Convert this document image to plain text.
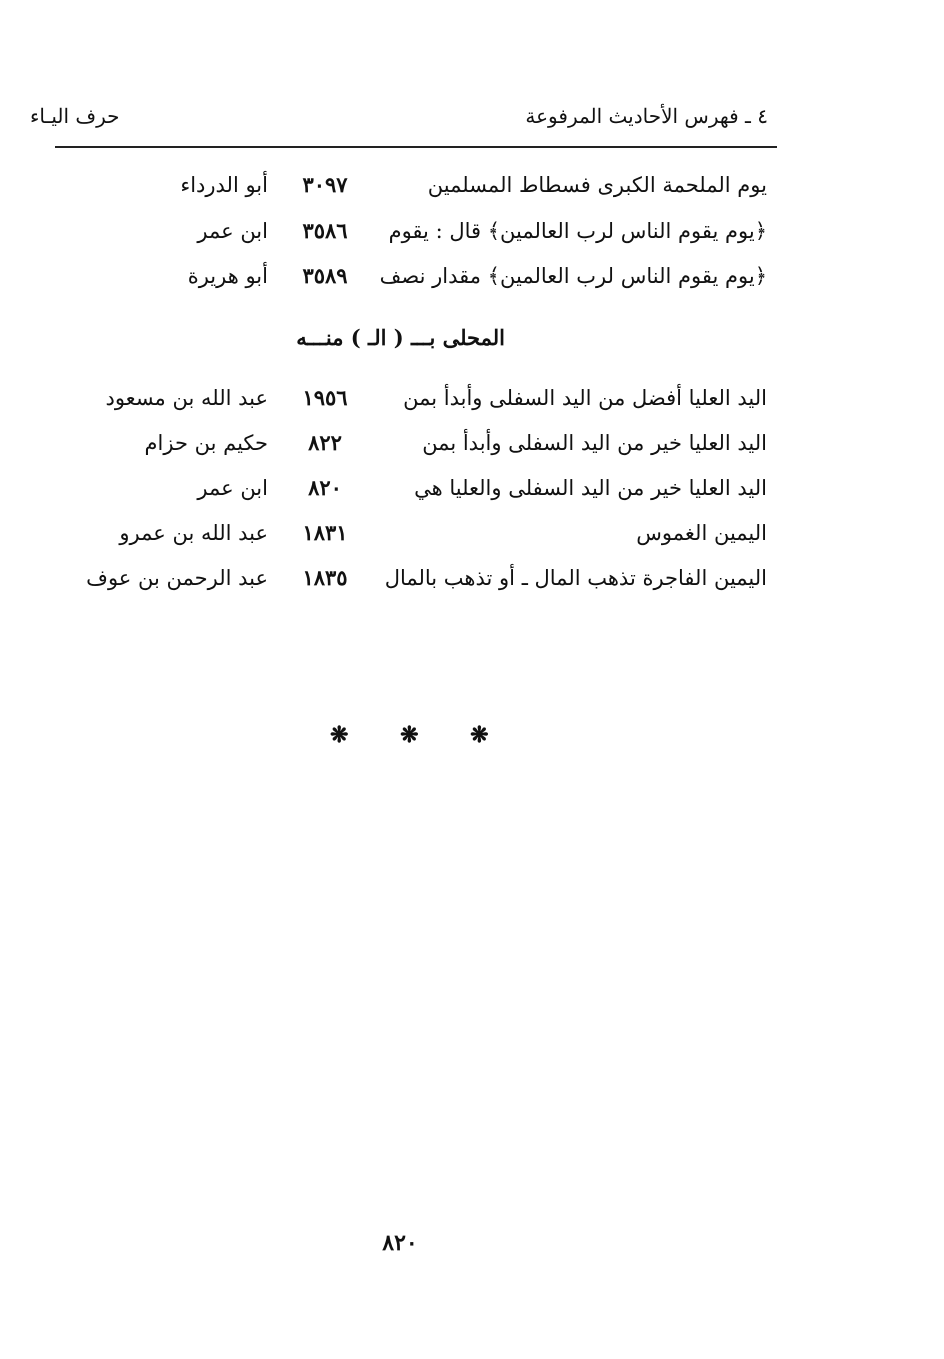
٤ ـ فهرس الأحاديث المرفوعة
حرف اليـاء
يوم الملحمة الكبرى فسطاط المسلمين
٣٠٩٧
أبو الدرداء
﴿يوم يقوم الناس لرب العالمين﴾ قال : يقوم
٣٥٨٦
ابن عمر
﴿يوم يقوم الناس لرب العالمين﴾ مقدار نصف
٣٥٨٩
أبو هريرة
المحلى بـــ ( الـ ) منـــه
اليد العليا أفضل من اليد السفلى وأبدأ بمن
١٩٥٦
عبد الله بن مسعود
اليد العليا خير من اليد السفلى وأبدأ بمن
٨٢٢
حكيم بن حزام
اليد العليا خير من اليد السفلى والعليا هي
٨٢٠
ابن عمر
اليمين الغموس
١٨٣١
عبد الله بن عمرو
اليمين الفاجرة تذهب المال ـ أو تذهب بالمال
١٨٣٥
عبد الرحمن بن عوف
❋ ❋ ❋
٨٢٠
